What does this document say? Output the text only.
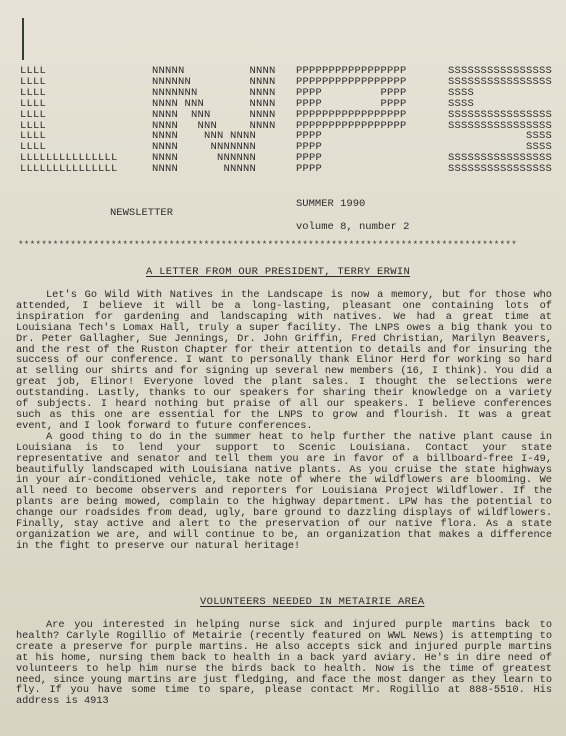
LLLL
LLLL
LLLL
LLLL
LLLL
LLLL
LLLL
LLLL
LLLLLLLLLLLLLLL
LLLLLLLLLLLLLLL
NNNNN          NNNN
NNNNNN         NNNN
NNNNNNN        NNNN
NNNN NNN       NNNN
NNNN  NNN      NNNN
NNNN   NNN     NNNN
NNNN    NNN NNNN
NNNN     NNNNNNN
NNNN      NNNNNN
NNNN       NNNNN
PPPPPPPPPPPPPPPPP
PPPPPPPPPPPPPPPPP
PPPP         PPPP
PPPP         PPPP
PPPPPPPPPPPPPPPPP
PPPPPPPPPPPPPPPPP
PPPP
PPPP
PPPP
PPPP
SSSSSSSSSSSSSSSS
SSSSSSSSSSSSSSSS
SSSS
SSSS
SSSSSSSSSSSSSSSS
SSSSSSSSSSSSSSSS
SSSS
SSSS
SSSSSSSSSSSSSSSS
SSSSSSSSSSSSSSSS
NEWSLETTER
SUMMER 1990
volume 8, number 2
**************************************************************************************
A LETTER FROM OUR PRESIDENT, TERRY ERWIN

Let's Go Wild With Natives in the Landscape is now a memory, but for those who attended, I believe it will be a long-lasting, pleasant one containing lots of inspiration for gardening and landscaping with natives. We had a great time at Louisiana Tech's Lomax Hall, truly a super facility. The LNPS owes a big thank you to Dr. Peter Gallagher, Sue Jennings, Dr. John Griffin, Fred Christian, Marilyn Beavers, and the rest of the Ruston Chapter for their attention to details and for insuring the success of our conference. I want to personally thank Elinor Herd for working so hard at selling our shirts and for signing up several new members (16, I think). You did a great job, Elinor! Everyone loved the plant sales. I thought the selections were outstanding. Lastly, thanks to our speakers for sharing their knowledge on a variety of subjects. I heard nothing but praise of all our speakers. I believe conferences such as this one are essential for the LNPS to grow and flourish. It was a great event, and I look forward to future conferences.

A good thing to do in the summer heat to help further the native plant cause in Louisiana is to lend your support to Scenic Louisiana. Contact your state representative and senator and tell them you are in favor of a billboard-free I-49, beautifully landscaped with Louisiana native plants. As you cruise the state highways in your air-conditioned vehicle, take note of where the wildflowers are blooming. We all need to become observers and reporters for Louisiana Project Wildflower. If the plants are being mowed, complain to the highway department. LPW has the potential to change our roadsides from dead, ugly, bare ground to dazzling displays of wildflowers. Finally, stay active and alert to the preservation of our native flora. As a state organization we are, and will continue to be, an organization that makes a difference in the fight to preserve our natural heritage!

VOLUNTEERS NEEDED IN METAIRIE AREA

Are you interested in helping nurse sick and injured purple martins back to health? Carlyle Rogillio of Metairie (recently featured on WWL News) is attempting to create a preserve for purple martins. He also accepts sick and injured purple martins at his home, nursing them back to health in a back yard aviary. He's in dire need of volunteers to help him nurse the birds back to health. Now is the time of greatest need, since young martins are just fledging, and face the most danger as they learn to fly. If you have some time to spare, please contact Mr. Rogillio at 888-5510. His address is 4913
